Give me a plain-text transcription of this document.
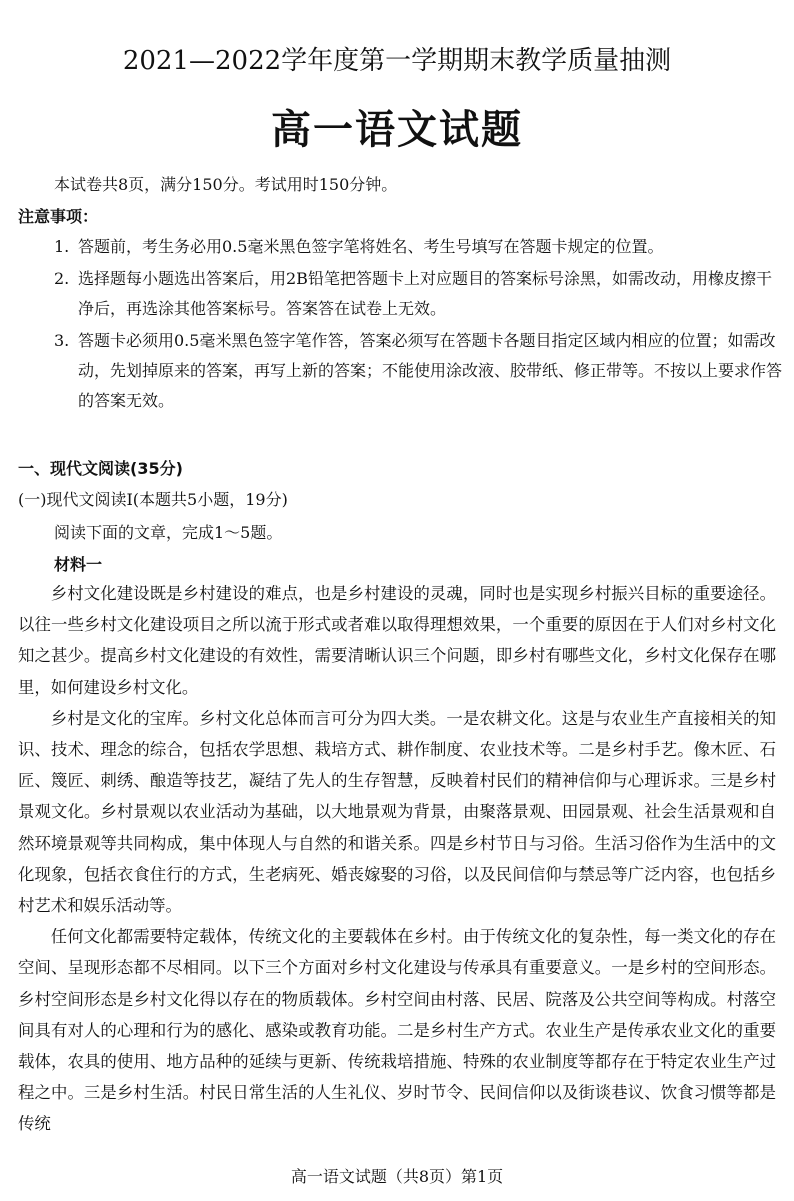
2021—2022学年度第一学期期末教学质量抽测
高一语文试题
本试卷共8页，满分150分。考试用时150分钟。
注意事项：
1. 答题前，考生务必用0.5毫米黑色签字笔将姓名、考生号填写在答题卡规定的位置。
2. 选择题每小题选出答案后，用2B铅笔把答题卡上对应题目的答案标号涂黑，如需改动，用橡皮擦干净后，再选涂其他答案标号。答案答在试卷上无效。
3. 答题卡必须用0.5毫米黑色签字笔作答，答案必须写在答题卡各题目指定区域内相应的位置；如需改动，先划掉原来的答案，再写上新的答案；不能使用涂改液、胶带纸、修正带等。不按以上要求作答的答案无效。
一、现代文阅读(35分)
(一)现代文阅读Ⅰ(本题共5小题，19分)
阅读下面的文章，完成1～5题。
材料一

乡村文化建设既是乡村建设的难点，也是乡村建设的灵魂，同时也是实现乡村振兴目标的重要途径。以往一些乡村文化建设项目之所以流于形式或者难以取得理想效果，一个重要的原因在于人们对乡村文化知之甚少。提高乡村文化建设的有效性，需要清晰认识三个问题，即乡村有哪些文化，乡村文化保存在哪里，如何建设乡村文化。

乡村是文化的宝库。乡村文化总体而言可分为四大类。一是农耕文化。这是与农业生产直接相关的知识、技术、理念的综合，包括农学思想、栽培方式、耕作制度、农业技术等。二是乡村手艺。像木匠、石匠、篾匠、刺绣、酿造等技艺，凝结了先人的生存智慧，反映着村民们的精神信仰与心理诉求。三是乡村景观文化。乡村景观以农业活动为基础，以大地景观为背景，由聚落景观、田园景观、社会生活景观和自然环境景观等共同构成，集中体现人与自然的和谐关系。四是乡村节日与习俗。生活习俗作为生活中的文化现象，包括衣食住行的方式，生老病死、婚丧嫁娶的习俗，以及民间信仰与禁忌等广泛内容，也包括乡村艺术和娱乐活动等。

任何文化都需要特定载体，传统文化的主要载体在乡村。由于传统文化的复杂性，每一类文化的存在空间、呈现形态都不尽相同。以下三个方面对乡村文化建设与传承具有重要意义。一是乡村的空间形态。乡村空间形态是乡村文化得以存在的物质载体。乡村空间由村落、民居、院落及公共空间等构成。村落空间具有对人的心理和行为的感化、感染或教育功能。二是乡村生产方式。农业生产是传承农业文化的重要载体，农具的使用、地方品种的延续与更新、传统栽培措施、特殊的农业制度等都存在于特定农业生产过程之中。三是乡村生活。村民日常生活的人生礼仪、岁时节令、民间信仰以及街谈巷议、饮食习惯等都是传统

高一语文试题（共8页）第1页
